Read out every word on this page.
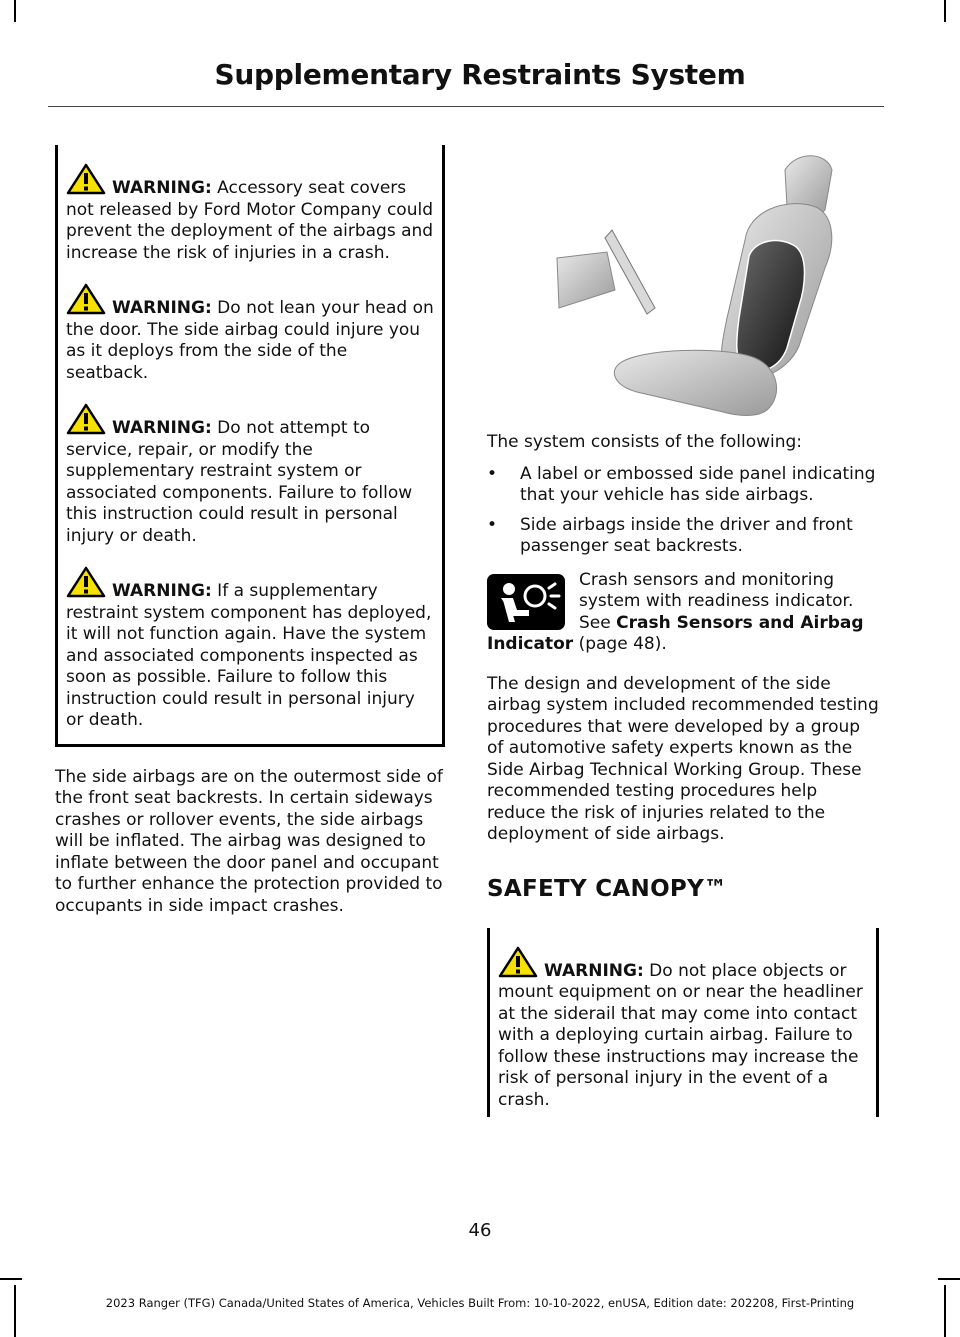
Supplementary Restraints System

WARNING: Accessory seat covers not released by Ford Motor Company could prevent the deployment of the airbags and increase the risk of injuries in a crash.

WARNING: Do not lean your head on the door. The side airbag could injure you as it deploys from the side of the seatback.

WARNING: Do not attempt to service, repair, or modify the supplementary restraint system or associated components. Failure to follow this instruction could result in personal injury or death.

WARNING: If a supplementary restraint system component has deployed, it will not function again. Have the system and associated components inspected as soon as possible. Failure to follow this instruction could result in personal injury or death.

The side airbags are on the outermost side of the front seat backrests. In certain sideways crashes or rollover events, the side airbags will be inflated. The airbag was designed to inflate between the door panel and occupant to further enhance the protection provided to occupants in side impact crashes.

The system consists of the following:

• A label or embossed side panel indicating that your vehicle has side airbags.
• Side airbags inside the driver and front passenger seat backrests.
Crash sensors and monitoring system with readiness indicator. See Crash Sensors and Airbag Indicator (page 48).

The design and development of the side airbag system included recommended testing procedures that were developed by a group of automotive safety experts known as the Side Airbag Technical Working Group. These recommended testing procedures help reduce the risk of injuries related to the deployment of side airbags.

SAFETY CANOPY™

WARNING: Do not place objects or mount equipment on or near the headliner at the siderail that may come into contact with a deploying curtain airbag. Failure to follow these instructions may increase the risk of personal injury in the event of a crash.

46
2023 Ranger (TFG) Canada/United States of America, Vehicles Built From: 10-10-2022, enUSA, Edition date: 202208, First-Printing
